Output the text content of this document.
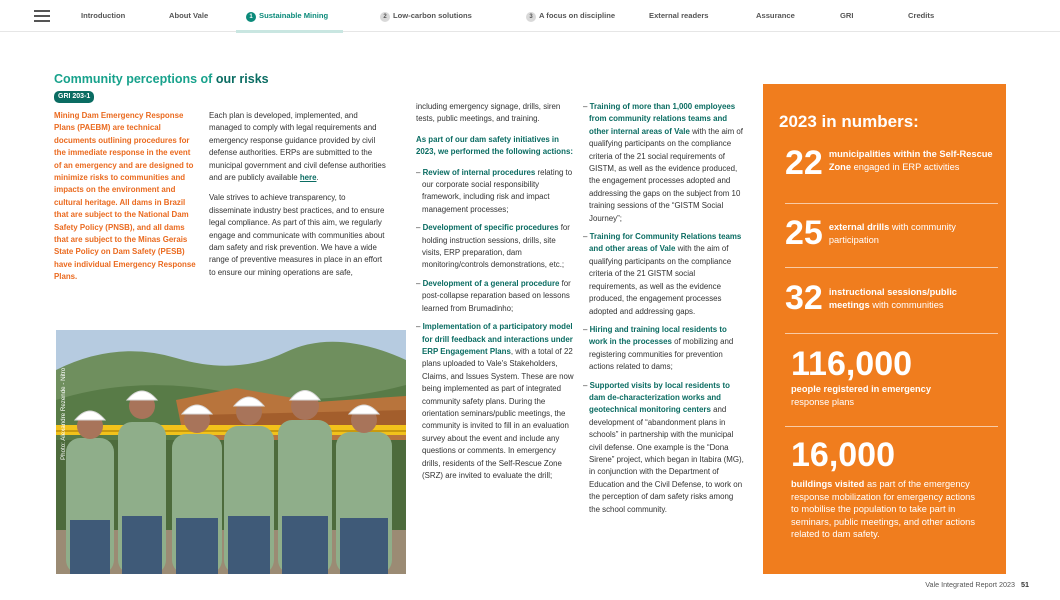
Introduction	About Vale	1 Sustainable Mining	2 Low-carbon solutions	3 A focus on discipline	External readers	Assurance	GRI	Credits
Community perceptions of our risks
GRI 203-1

Mining Dam Emergency Response Plans (PAEBM) are technical documents outlining procedures for the immediate response in the event of an emergency and are designed to minimize risks to communities and impacts on the environment and cultural heritage. All dams in Brazil that are subject to the National Dam Safety Policy (PNSB), and all dams that are subject to the Minas Gerais State Policy on Dam Safety (PESB) have individual Emergency Response Plans.

Each plan is developed, implemented, and managed to comply with legal requirements and emergency response guidance provided by civil defense authorities. ERPs are submitted to the municipal government and civil defense authorities and are publicly available here.

Vale strives to achieve transparency, to disseminate industry best practices, and to ensure legal compliance. As part of this aim, we regularly engage and communicate with communities about dam safety and risk prevention. We have a wide range of preventive measures in place in an effort to ensure our mining operations are safe,

including emergency signage, drills, siren tests, public meetings, and training.

As part of our dam safety initiatives in 2023, we performed the following actions:

– Review of internal procedures relating to our corporate social responsibility framework, including risk and impact management processes;
– Development of specific procedures for holding instruction sessions, drills, site visits, ERP preparation, dam monitoring/controls demonstrations, etc.;
– Development of a general procedure for post-collapse reparation based on lessons learned from Brumadinho;
– Implementation of a participatory model for drill feedback and interactions under ERP Engagement Plans, with a total of 22 plans uploaded to Vale's Stakeholders, Claims, and Issues System. These are now being implemented as part of integrated community safety plans. During the orientation seminars/public meetings, the community is invited to fill in an evaluation survey about the event and include any questions or comments. In emergency drills, residents of the Self-Rescue Zone (SRZ) are invited to evaluate the drill;
– Training of more than 1,000 employees from community relations teams and other internal areas of Vale with the aim of qualifying participants on the compliance criteria of the 21 social requirements of GISTM, as well as the evidence produced, the engagement processes adopted and addressing the gaps on the subject from 10 training sessions of the “GISTM Social Journey”;
– Training for Community Relations teams and other areas of Vale with the aim of qualifying participants on the compliance criteria of the 21 GISTM social requirements, as well as the evidence produced, the engagement processes adopted and addressing gaps.
– Hiring and training local residents to work in the processes of mobilizing and registering communities for prevention actions related to dams;
– Supported visits by local residents to dam de-characterization works and geotechnical monitoring centers and development of “abandonment plans in schools” in partnership with the municipal civil defense. One example is the “Dona Sirene” project, which began in Itabira (MG), in conjunction with the Department of Education and the Civil Defense, to work on the perception of dam safety risks among the school community.
Photo: Alexandre Rezende - Nitro
2023 in numbers:
22 municipalities within the Self-Rescue Zone engaged in ERP activities
25 external drills with community participation
32 instructional sessions/public meetings with communities
116,000
people registered in emergency
response plans
16,000
buildings visited as part of the emergency response mobilization for emergency actions to mobilise the population to take part in seminars, public meetings, and other actions related to dam safety.
Vale Integrated Report 2023 51
